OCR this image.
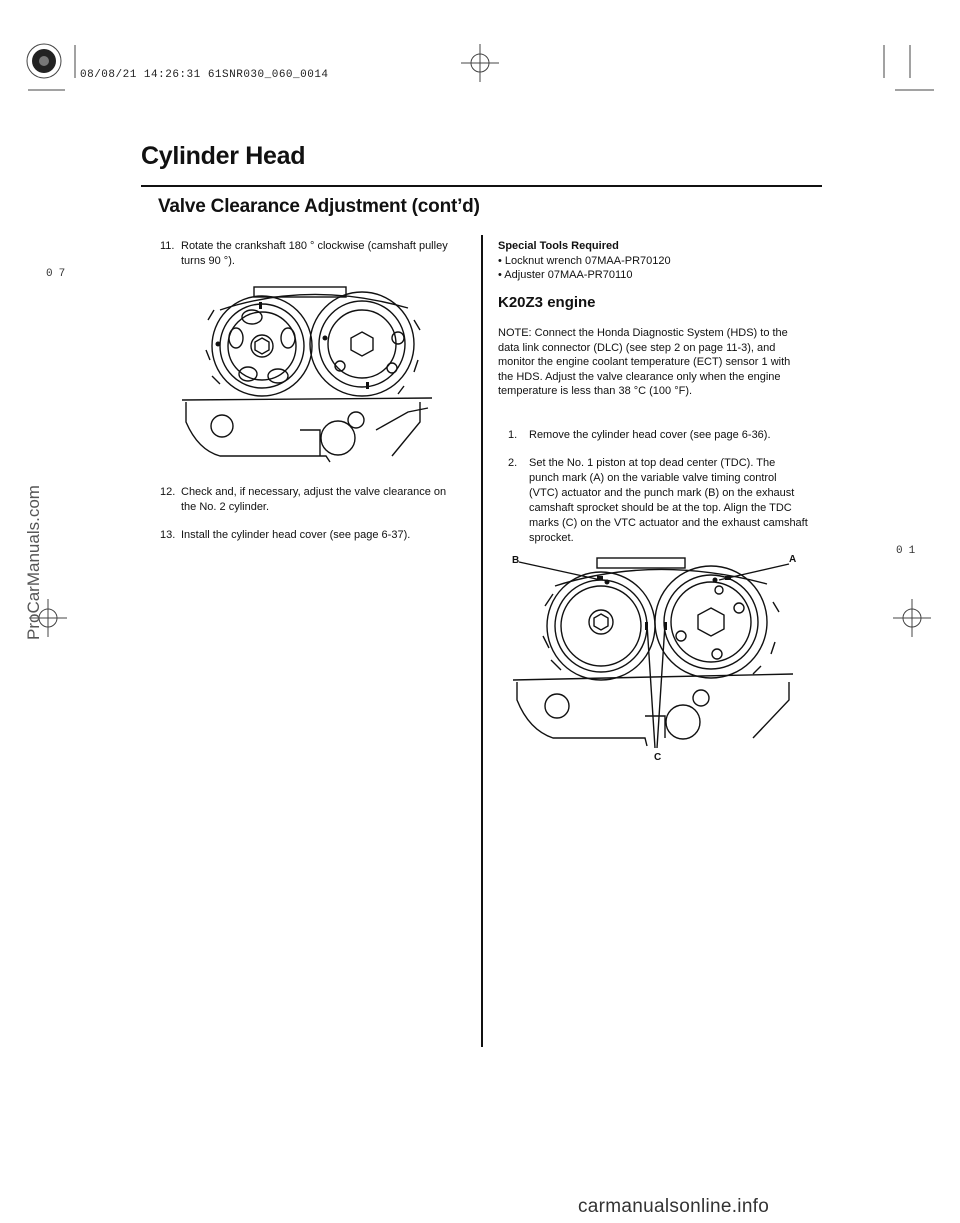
08/08/21 14:26:31 61SNR030_060_0014
Cylinder Head
Valve Clearance Adjustment (cont’d)
07
01
11. Rotate the crankshaft 180 ° clockwise (camshaft pulley turns 90 °).
12. Check and, if necessary, adjust the valve clearance on the No. 2 cylinder.
13. Install the cylinder head cover (see page 6-37).
Special Tools Required
• Locknut wrench 07MAA-PR70120
• Adjuster 07MAA-PR70110
K20Z3 engine
NOTE: Connect the Honda Diagnostic System (HDS) to the data link connector (DLC) (see step 2 on page 11-3), and monitor the engine coolant temperature (ECT) sensor 1 with the HDS. Adjust the valve clearance only when the engine temperature is less than 38 °C (100 °F).
1. Remove the cylinder head cover (see page 6-36).
2. Set the No. 1 piston at top dead center (TDC). The punch mark (A) on the variable valve timing control (VTC) actuator and the punch mark (B) on the exhaust camshaft sprocket should be at the top. Align the TDC marks (C) on the VTC actuator and the exhaust camshaft sprocket.
B	A
C
ProCarManuals.com
carmanualsonline.info
